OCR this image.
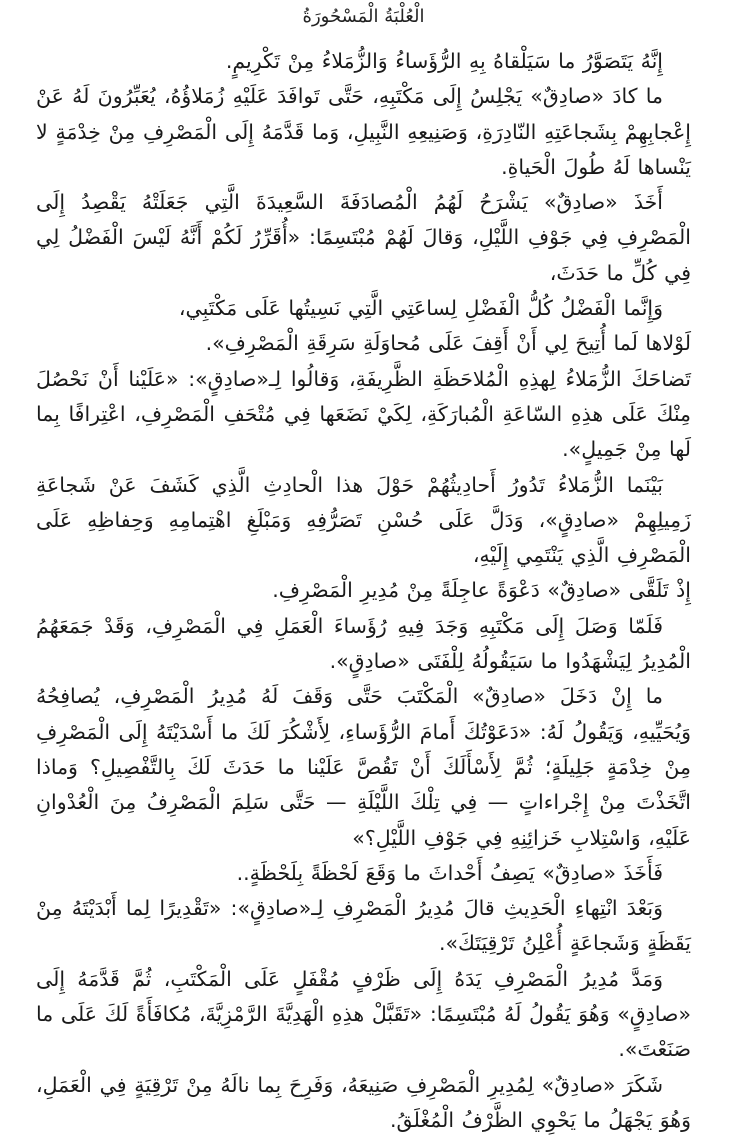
الْعُلْبَةُ الْمَسْحُورَةُ

إِنَّهُ يَتَصَوَّرُ ما سَيَلْقاهُ بِهِ الرُّؤَساءُ وَالزُّمَلاءُ مِنْ تَكْرِيمٍ.

ما كادَ «صادِقٌ» يَجْلِسُ إِلَى مَكْتَبِهِ، حَتَّى تَوافَدَ عَلَيْهِ زُمَلاؤُهُ، يُعَبِّرُونَ لَهُ عَنْ إِعْجابِهِمْ بِشَجاعَتِهِ النّادِرَةِ، وَصَنِيعِهِ النَّبِيلِ، وَما قَدَّمَهُ إِلَى الْمَصْرِفِ مِنْ خِدْمَةٍ لا يَنْساها لَهُ طُولَ الْحَياةِ.

أَخَذَ «صادِقٌ» يَشْرَحُ لَهُمُ الْمُصادَفَةَ السَّعِيدَةَ الَّتِي جَعَلَتْهُ يَقْصِدُ إِلَى الْمَصْرِفِ فِي جَوْفِ اللَّيْلِ، وَقالَ لَهُمْ مُبْتَسِمًا: «أُقَرِّرُ لَكُمْ أَنَّهُ لَيْسَ الْفَضْلُ لِي فِي كُلِّ ما حَدَثَ،

وَإِنَّما الْفَضْلُ كُلُّ الْفَضْلِ لِساعَتِي الَّتِي نَسِيتُها عَلَى مَكْتَبِي،

لَوْلاها لَما أُتِيحَ لِي أَنْ أَقِفَ عَلَى مُحاوَلَةِ سَرِقَةِ الْمَصْرِفِ».

تَضاحَكَ الزُّمَلاءُ لِهذِهِ الْمُلاحَظَةِ الظَّرِيفَةِ، وَقالُوا لِـ«صادِقٍ»: «عَلَيْنا أَنْ نَحْصُلَ مِنْكَ عَلَى هذِهِ السّاعَةِ الْمُبارَكَةِ، لِكَيْ نَضَعَها فِي مُتْحَفِ الْمَصْرِفِ، اعْتِرافًا بِما لَها مِنْ جَمِيلٍ».

بَيْنَما الزُّمَلاءُ تَدُورُ أَحادِيثُهُمْ حَوْلَ هذا الْحادِثِ الَّذِي كَشَفَ عَنْ شَجاعَةِ زَمِيلِهِمْ «صادِقٍ»، وَدَلَّ عَلَى حُسْنِ تَصَرُّفِهِ وَمَبْلَغِ اهْتِمامِهِ وَحِفاظِهِ عَلَى الْمَصْرِفِ الَّذِي يَنْتَمِي إِلَيْهِ،

إِذْ تَلَقَّى «صادِقٌ» دَعْوَةً عاجِلَةً مِنْ مُدِيرِ الْمَصْرِفِ.

فَلَمّا وَصَلَ إِلَى مَكْتَبِهِ وَجَدَ فِيهِ رُؤَساءَ الْعَمَلِ فِي الْمَصْرِفِ، وَقَدْ جَمَعَهُمُ الْمُدِيرُ لِيَشْهَدُوا ما سَيَقُولُهُ لِلْفَتَى «صادِقٍ».

ما إِنْ دَخَلَ «صادِقٌ» الْمَكْتَبَ حَتَّى وَقَفَ لَهُ مُدِيرُ الْمَصْرِفِ، يُصافِحُهُ وَيُحَيِّيهِ، وَيَقُولُ لَهُ: «دَعَوْتُكَ أَمامَ الرُّؤَساءِ، لِأَشْكُرَ لَكَ ما أَسْدَيْتَهُ إِلَى الْمَصْرِفِ مِنْ خِدْمَةٍ جَلِيلَةٍ؛ ثُمَّ لِأَسْأَلَكَ أَنْ تَقُصَّ عَلَيْنا ما حَدَثَ لَكَ بِالتَّفْصِيلِ؟ وَماذا اتَّخَذْتَ مِنْ إِجْراءاتٍ — فِي تِلْكَ اللَّيْلَةِ — حَتَّى سَلِمَ الْمَصْرِفُ مِنَ الْعُدْوانِ عَلَيْهِ، وَاسْتِلابِ خَزائِنِهِ فِي جَوْفِ اللَّيْلِ؟»

فَأَخَذَ «صادِقٌ» يَصِفُ أَحْداثَ ما وَقَعَ لَحْظَةً بِلَحْظَةٍ..

وَبَعْدَ انْتِهاءِ الْحَدِيثِ قالَ مُدِيرُ الْمَصْرِفِ لِـ«صادِقٍ»: «تَقْدِيرًا لِما أَبْدَيْتَهُ مِنْ يَقَظَةٍ وَشَجاعَةٍ أُعْلِنُ تَرْقِيَتَكَ».

وَمَدَّ مُدِيرُ الْمَصْرِفِ يَدَهُ إِلَى ظَرْفٍ مُقْفَلٍ عَلَى الْمَكْتَبِ، ثُمَّ قَدَّمَهُ إِلَى «صادِقٍ» وَهُوَ يَقُولُ لَهُ مُبْتَسِمًا: «تَقَبَّلْ هذِهِ الْهَدِيَّةَ الرَّمْزِيَّةَ، مُكافَأَةً لَكَ عَلَى ما صَنَعْتَ».

شَكَرَ «صادِقٌ» لِمُدِيرِ الْمَصْرِفِ صَنِيعَهُ، وَفَرِحَ بِما نالَهُ مِنْ تَرْقِيَةٍ فِي الْعَمَلِ، وَهُوَ يَجْهَلُ ما يَحْوِي الظَّرْفُ الْمُغْلَقُ.
